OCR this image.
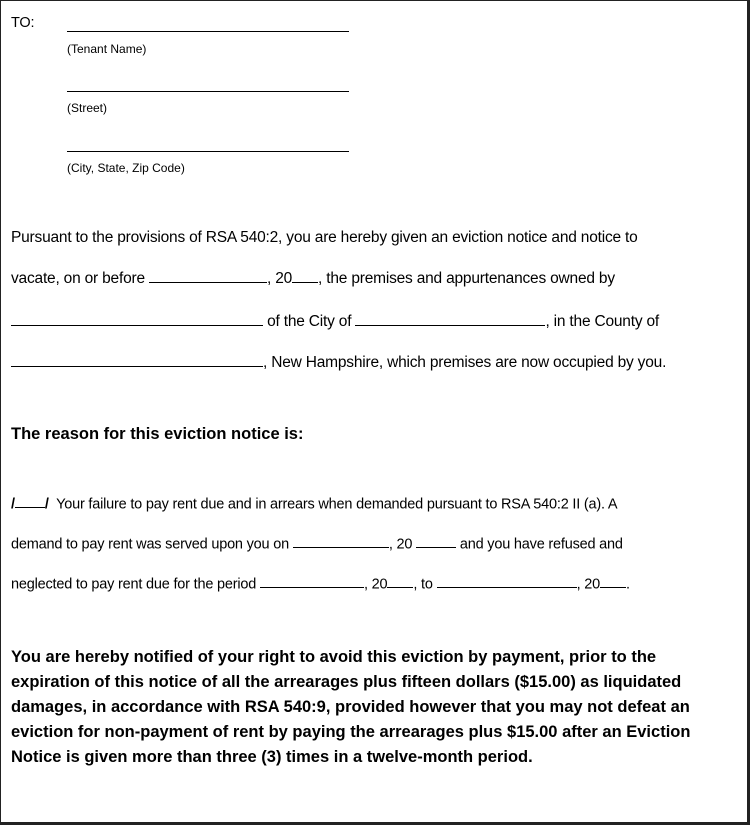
TO:
(Tenant Name)
(Street)
(City, State, Zip Code)
Pursuant to the provisions of RSA 540:2, you are hereby given an eviction notice and notice to
vacate, on or before	, 20 , the premises and appurtenances owned by
of the City of	, in the County of
, New Hampshire, which premises are now occupied by you.
The reason for this eviction notice is:
/ / Your failure to pay rent due and in arrears when demanded pursuant to RSA 540:2 II (a). A
demand to pay rent was served upon you on	, 20	and you have refused and
neglected to pay rent due for the period	, 20 , to	, 20 .
You are hereby notified of your right to avoid this eviction by payment, prior to the expiration of this notice of all the arrearages plus fifteen dollars ($15.00) as liquidated damages, in accordance with RSA 540:9, provided however that you may not defeat an eviction for non-payment of rent by paying the arrearages plus $15.00 after an Eviction Notice is given more than three (3) times in a twelve-month period.
